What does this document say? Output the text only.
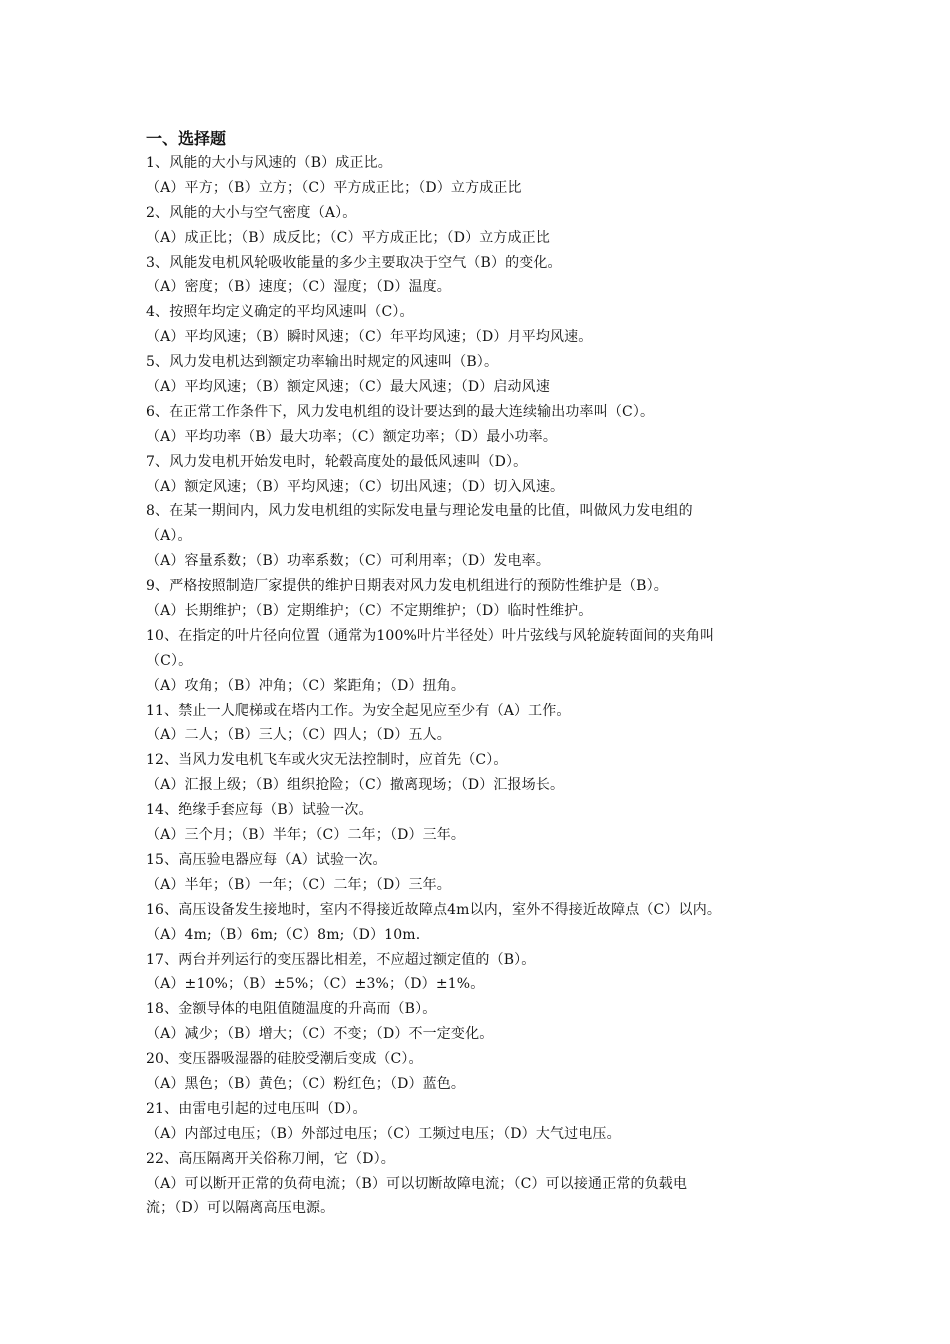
一、选择题
1、风能的大小与风速的（B）成正比。
（A）平方；（B）立方；（C）平方成正比；（D）立方成正比
2、风能的大小与空气密度（A）。
（A）成正比；（B）成反比；（C）平方成正比；（D）立方成正比
3、风能发电机风轮吸收能量的多少主要取决于空气（B）的变化。
（A）密度；（B）速度；（C）湿度；（D）温度。
4、按照年均定义确定的平均风速叫（C）。
（A）平均风速；（B）瞬时风速；（C）年平均风速；（D）月平均风速。
5、风力发电机达到额定功率输出时规定的风速叫（B）。
（A）平均风速；（B）额定风速；（C）最大风速；（D）启动风速
6、在正常工作条件下，风力发电机组的设计要达到的最大连续输出功率叫（C）。
（A）平均功率（B）最大功率；（C）额定功率；（D）最小功率。
7、风力发电机开始发电时，轮毂高度处的最低风速叫（D）。
（A）额定风速；（B）平均风速；（C）切出风速；（D）切入风速。
8、在某一期间内，风力发电机组的实际发电量与理论发电量的比值，叫做风力发电组的
（A）。
（A）容量系数；（B）功率系数；（C）可利用率；（D）发电率。
9、严格按照制造厂家提供的维护日期表对风力发电机组进行的预防性维护是（B）。
（A）长期维护；（B）定期维护；（C）不定期维护；（D）临时性维护。
10、在指定的叶片径向位置（通常为100%叶片半径处）叶片弦线与风轮旋转面间的夹角叫
（C）。
（A）攻角；（B）冲角；（C）桨距角；（D）扭角。
11、禁止一人爬梯或在塔内工作。为安全起见应至少有（A）工作。
（A）二人；（B）三人；（C）四人；（D）五人。
12、当风力发电机飞车或火灾无法控制时，应首先（C）。
（A）汇报上级；（B）组织抢险；（C）撤离现场；（D）汇报场长。
14、绝缘手套应每（B）试验一次。
（A）三个月；（B）半年；（C）二年；（D）三年。
15、高压验电器应每（A）试验一次。
（A）半年；（B）一年；（C）二年；（D）三年。
16、高压设备发生接地时，室内不得接近故障点4m以内，室外不得接近故障点（C）以内。
（A）4m;（B）6m;（C）8m;（D）10m.
17、两台并列运行的变压器比相差，不应超过额定值的（B）。
（A）±10%；（B）±5%；（C）±3%；（D）±1%。
18、金额导体的电阻值随温度的升高而（B）。
（A）减少；（B）增大；（C）不变；（D）不一定变化。
20、变压器吸湿器的硅胶受潮后变成（C）。
（A）黑色；（B）黄色；（C）粉红色；（D）蓝色。
21、由雷电引起的过电压叫（D）。
（A）内部过电压；（B）外部过电压；（C）工频过电压；（D）大气过电压。
22、高压隔离开关俗称刀闸，它（D）。
（A）可以断开正常的负荷电流；（B）可以切断故障电流；（C）可以接通正常的负载电
流；（D）可以隔离高压电源。
